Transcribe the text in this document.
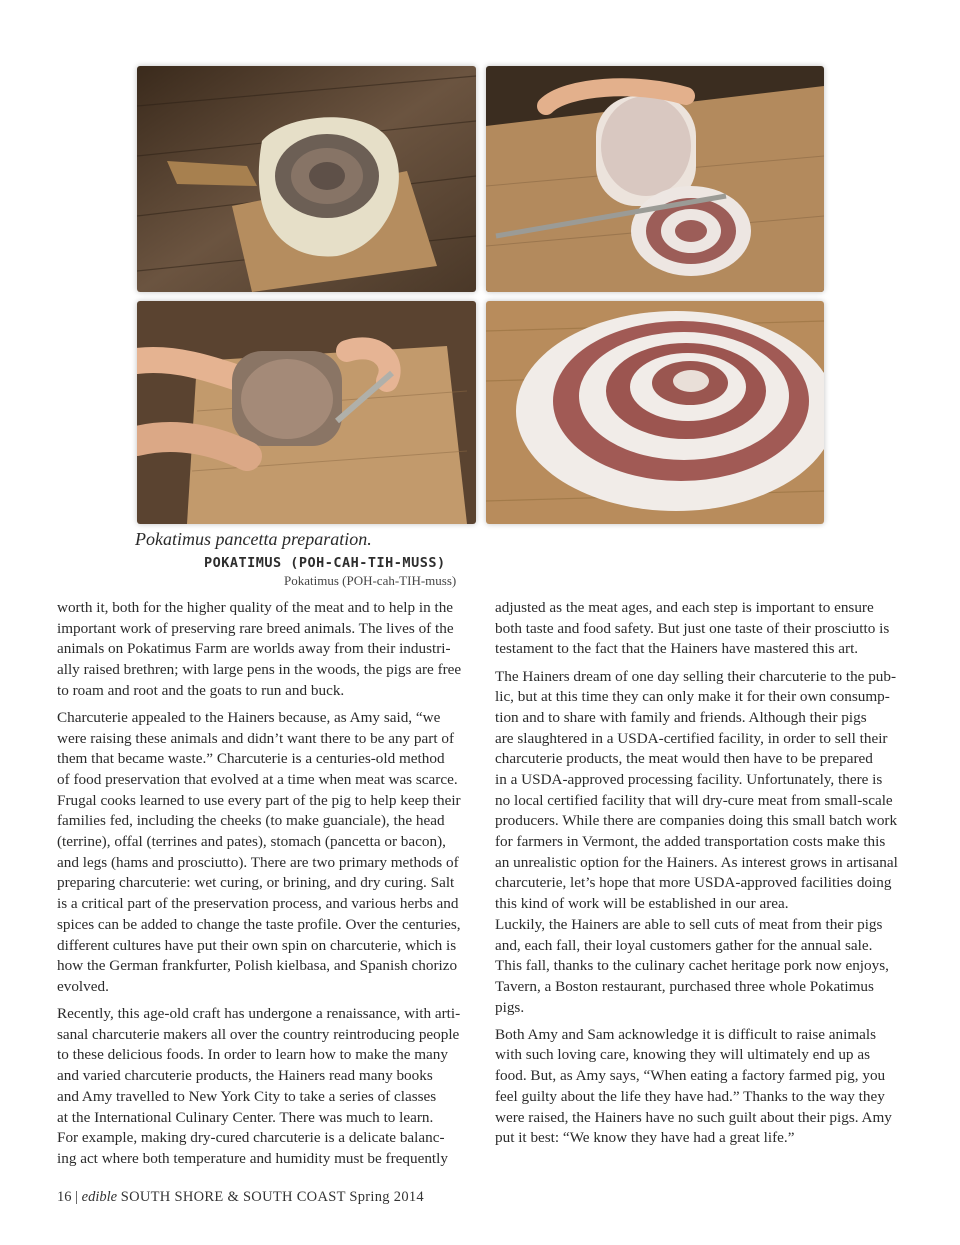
Pokatimus pancetta preparation.
POKATIMUS (POH-CAH-TIH-MUSS)
Pokatimus (POH-cah-TIH-muss)
worth it, both for the higher quality of the meat and to help in the
important work of preserving rare breed animals. The lives of the
animals on Pokatimus Farm are worlds away from their industri-
ally raised brethren; with large pens in the woods, the pigs are free
to roam and root and the goats to run and buck.
Charcuterie appealed to the Hainers because, as Amy said, “we
were raising these animals and didn’t want there to be any part of
them that became waste.” Charcuterie is a centuries-old method
of food preservation that evolved at a time when meat was scarce.
Frugal cooks learned to use every part of the pig to help keep their
families fed, including the cheeks (to make guanciale), the head
(terrine), offal (terrines and pates), stomach (pancetta or bacon),
and legs (hams and prosciutto). There are two primary methods of
preparing charcuterie: wet curing, or brining, and dry curing. Salt
is a critical part of the preservation process, and various herbs and
spices can be added to change the taste profile. Over the centuries,
different cultures have put their own spin on charcuterie, which is
how the German frankfurter, Polish kielbasa, and Spanish chorizo
evolved.
Recently, this age-old craft has undergone a renaissance, with arti-
sanal charcuterie makers all over the country reintroducing people
to these delicious foods. In order to learn how to make the many
and varied charcuterie products, the Hainers read many books
and Amy travelled to New York City to take a series of classes
at the International Culinary Center. There was much to learn.
For example, making dry-cured charcuterie is a delicate balanc-
ing act where both temperature and humidity must be frequently
adjusted as the meat ages, and each step is important to ensure
both taste and food safety. But just one taste of their prosciutto is
testament to the fact that the Hainers have mastered this art.
The Hainers dream of one day selling their charcuterie to the pub-
lic, but at this time they can only make it for their own consump-
tion and to share with family and friends. Although their pigs
are slaughtered in a USDA-certified facility, in order to sell their
charcuterie products, the meat would then have to be prepared
in a USDA-approved processing facility. Unfortunately, there is
no local certified facility that will dry-cure meat from small-scale
producers. While there are companies doing this small batch work
for farmers in Vermont, the added transportation costs make this
an unrealistic option for the Hainers. As interest grows in artisanal
charcuterie, let’s hope that more USDA-approved facilities doing
this kind of work will be established in our area.
Luckily, the Hainers are able to sell cuts of meat from their pigs
and, each fall, their loyal customers gather for the annual sale.
This fall, thanks to the culinary cachet heritage pork now enjoys,
Tavern, a Boston restaurant, purchased three whole Pokatimus
pigs.
Both Amy and Sam acknowledge it is difficult to raise animals
with such loving care, knowing they will ultimately end up as
food. But, as Amy says, “When eating a factory farmed pig, you
feel guilty about the life they have had.” Thanks to the way they
were raised, the Hainers have no such guilt about their pigs. Amy
put it best: “We know they have had a great life.”
16 | edible SOUTH SHORE & SOUTH COAST Spring 2014
